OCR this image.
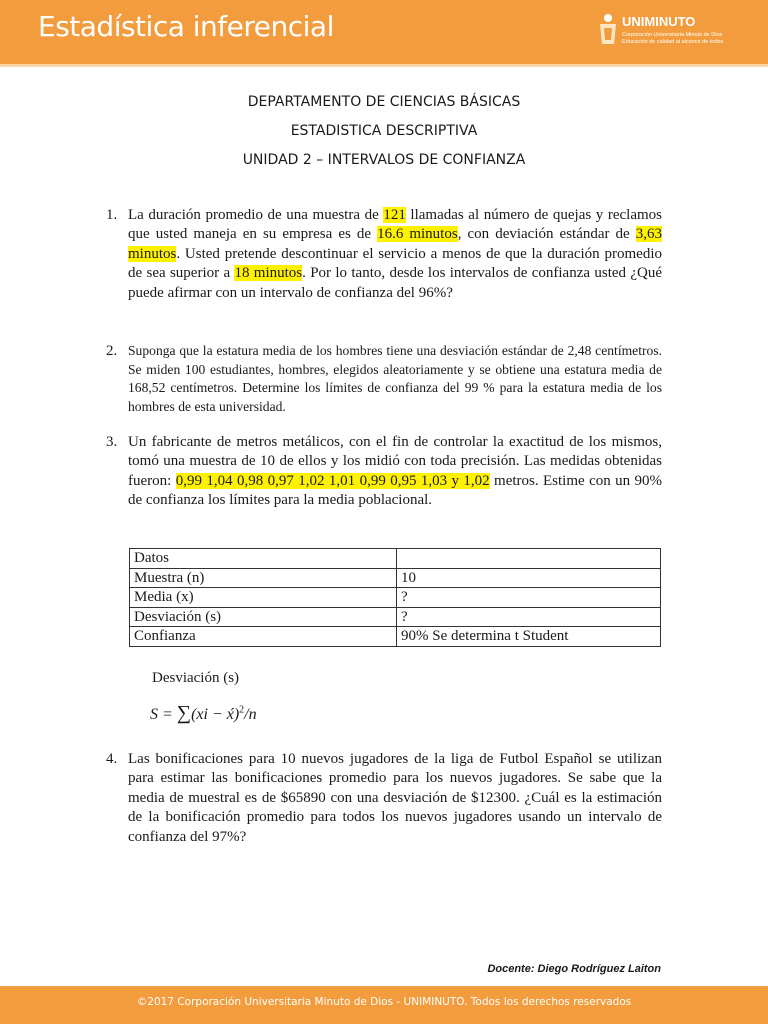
Estadística inferencial	UNIMINUTO
Corporación Universitaria Minuto de Dios
Educación de calidad al alcance de todos
DEPARTAMENTO DE CIENCIAS BÁSICAS
ESTADISTICA DESCRIPTIVA
UNIDAD 2 – INTERVALOS DE CONFIANZA
1. La duración promedio de una muestra de 121 llamadas al número de quejas y reclamos que usted maneja en su empresa es de 16.6 minutos, con deviación estándar de 3,63 minutos. Usted pretende descontinuar el servicio a menos de que la duración promedio de sea superior a 18 minutos. Por lo tanto, desde los intervalos de confianza usted ¿Qué puede afirmar con un intervalo de confianza del 96%?
2. Suponga que la estatura media de los hombres tiene una desviación estándar de 2,48 centímetros. Se miden 100 estudiantes, hombres, elegidos aleatoriamente y se obtiene una estatura media de 168,52 centímetros. Determine los límites de confianza del 99 % para la estatura media de los hombres de esta universidad.
3. Un fabricante de metros metálicos, con el fin de controlar la exactitud de los mismos, tomó una muestra de 10 de ellos y los midió con toda precisión. Las medidas obtenidas fueron: 0,99 1,04 0,98 0,97 1,02 1,01 0,99 0,95 1,03 y 1,02 metros. Estime con un 90% de confianza los límites para la media poblacional.
Datos	
Muestra (n)	10
Media (x)	?
Desviación (s)	?
Confianza	90% Se determina t Student
Desviación (s)
S = ∑(xi − x́)$^2$/n
4. Las bonificaciones para 10 nuevos jugadores de la liga de Futbol Español se utilizan para estimar las bonificaciones promedio para los nuevos jugadores. Se sabe que la media de muestral es de $65890 con una desviación de $12300. ¿Cuál es la estimación de la bonificación promedio para todos los nuevos jugadores usando un intervalo de confianza del 97%?
Docente: Diego Rodríguez Laiton
©2017 Corporación Universitaria Minuto de Dios - UNIMINUTO. Todos los derechos reservados
